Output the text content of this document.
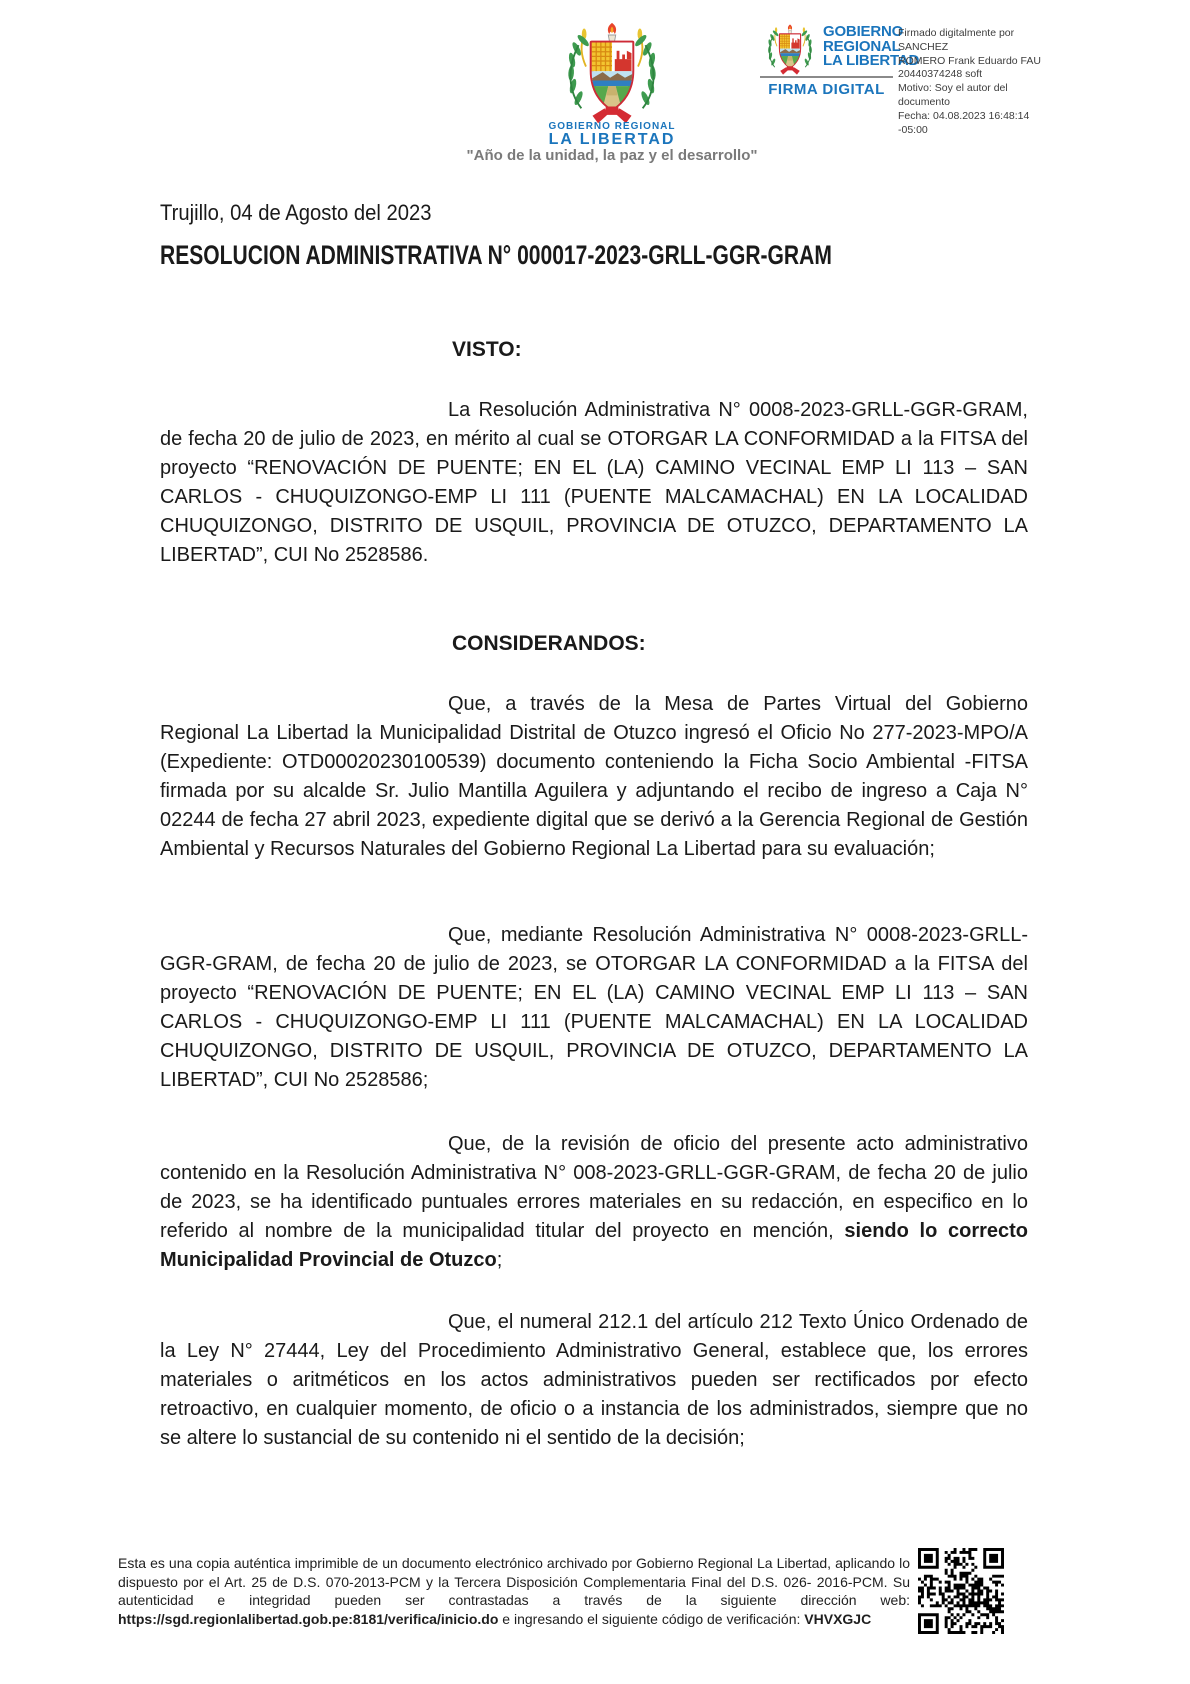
GOBIERNO REGIONAL
LA LIBERTAD
"Año de la unidad, la paz y el desarrollo"
GOBIERNO
REGIONAL
LA LIBERTAD
FIRMA DIGITAL
Firmado digitalmente por SANCHEZ
ROMERO Frank Eduardo FAU
20440374248 soft
Motivo: Soy el autor del documento
Fecha: 04.08.2023 16:48:14 -05:00
Trujillo, 04 de Agosto del 2023
RESOLUCION ADMINISTRATIVA N° 000017-2023-GRLL-GGR-GRAM
VISTO:

La Resolución Administrativa N° 0008-2023-GRLL-GGR-GRAM, de fecha 20 de julio de 2023, en mérito al cual se OTORGAR LA CONFORMIDAD a la FITSA del proyecto “RENOVACIÓN DE PUENTE; EN EL (LA) CAMINO VECINAL EMP LI 113 – SAN CARLOS - CHUQUIZONGO-EMP LI 111 (PUENTE MALCAMACHAL) EN LA LOCALIDAD CHUQUIZONGO, DISTRITO DE USQUIL, PROVINCIA DE OTUZCO, DEPARTAMENTO LA LIBERTAD”, CUI No 2528586.

CONSIDERANDOS:

Que, a través de la Mesa de Partes Virtual del Gobierno Regional La Libertad la Municipalidad Distrital de Otuzco ingresó el Oficio No 277-2023-MPO/A (Expediente: OTD00020230100539) documento conteniendo la Ficha Socio Ambiental -FITSA firmada por su alcalde Sr. Julio Mantilla Aguilera y adjuntando el recibo de ingreso a Caja N° 02244 de fecha 27 abril 2023, expediente digital que se derivó a la Gerencia Regional de Gestión Ambiental y Recursos Naturales del Gobierno Regional La Libertad para su evaluación;

Que, mediante Resolución Administrativa N° 0008-2023-GRLL-GGR-GRAM, de fecha 20 de julio de 2023, se OTORGAR LA CONFORMIDAD a la FITSA del proyecto “RENOVACIÓN DE PUENTE; EN EL (LA) CAMINO VECINAL EMP LI 113 – SAN CARLOS - CHUQUIZONGO-EMP LI 111 (PUENTE MALCAMACHAL) EN LA LOCALIDAD CHUQUIZONGO, DISTRITO DE USQUIL, PROVINCIA DE OTUZCO, DEPARTAMENTO LA LIBERTAD”, CUI No 2528586;

Que, de la revisión de oficio del presente acto administrativo contenido en la Resolución Administrativa N° 008-2023-GRLL-GGR-GRAM, de fecha 20 de julio de 2023, se ha identificado puntuales errores materiales en su redacción, en especifico en lo referido al nombre de la municipalidad titular del proyecto en mención, siendo lo correcto Municipalidad Provincial de Otuzco;

Que, el numeral 212.1 del artículo 212 Texto Único Ordenado de la Ley N° 27444, Ley del Procedimiento Administrativo General, establece que, los errores materiales o aritméticos en los actos administrativos pueden ser rectificados por efecto retroactivo, en cualquier momento, de oficio o a instancia de los administrados, siempre que no se altere lo sustancial de su contenido ni el sentido de la decisión;

Esta es una copia auténtica imprimible de un documento electrónico archivado por Gobierno Regional La Libertad, aplicando lo dispuesto por el Art. 25 de D.S. 070-2013-PCM y la Tercera Disposición Complementaria Final del D.S. 026- 2016-PCM. Su autenticidad e integridad pueden ser contrastadas a través de la siguiente dirección web: https://sgd.regionlalibertad.gob.pe:8181/verifica/inicio.do e ingresando el siguiente código de verificación: VHVXGJC
